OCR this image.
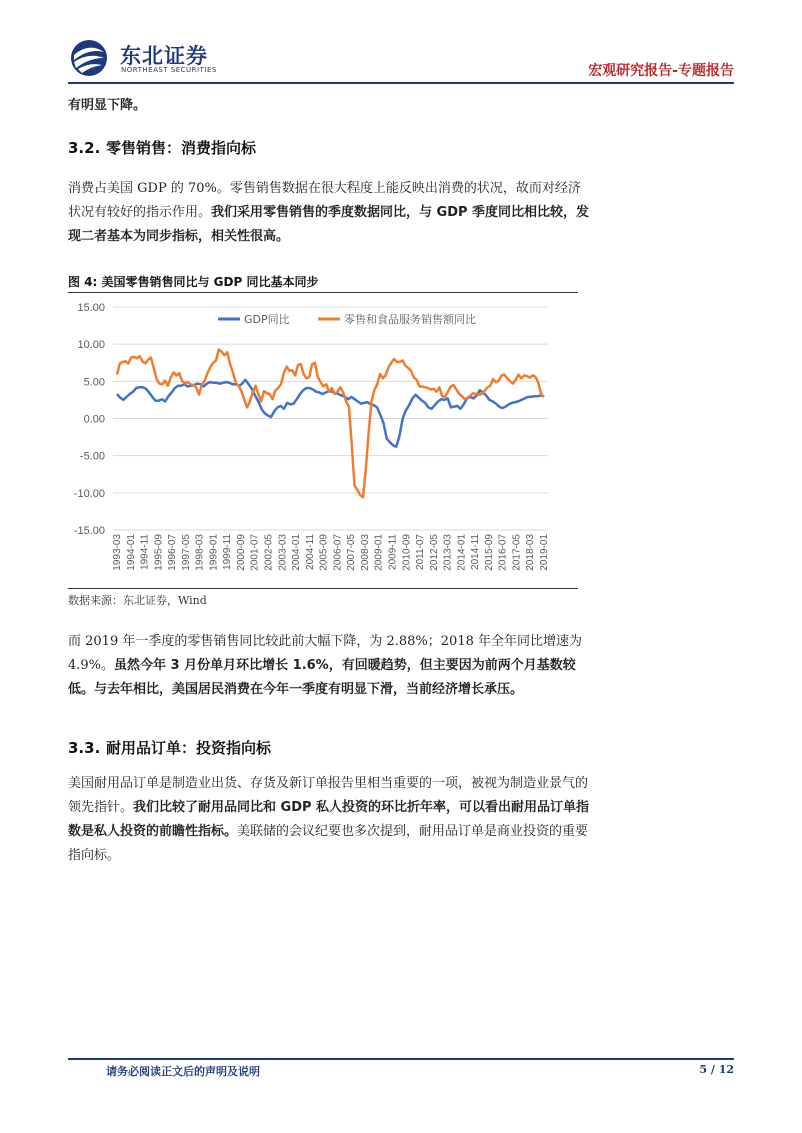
东北证券
NORTHEAST SECURITIES	宏观研究报告-专题报告
有明显下降。
3.2. 零售销售：消费指向标
消费占美国 GDP 的 70%。零售销售数据在很大程度上能反映出消费的状况，故而对经济状况有较好的指示作用。我们采用零售销售的季度数据同比，与 GDP 季度同比相比较，发现二者基本为同步指标，相关性很高。
图 4: 美国零售销售同比与 GDP 同比基本同步
15.00
10.00
5.00
0.00
-5.00
-10.00
-15.00
1993-03 1994-01 1994-11 1995-09 1996-07 1997-05 1998-03 1999-01 1999-11 2000-09 2001-07 2002-05 2003-03 2004-01 2004-11 2005-09 2006-07 2007-05 2008-03 2009-01 2009-11 2010-09 2011-07 2012-05 2013-03 2014-01 2014-11 2015-09 2016-07 2017-05 2018-03 2019-01
GDP同比	零售和食品服务销售额同比
数据来源：东北证券，Wind
而 2019 年一季度的零售销售同比较此前大幅下降，为 2.88%；2018 年全年同比增速为 4.9%。虽然今年 3 月份单月环比增长 1.6%，有回暖趋势，但主要因为前两个月基数较低。与去年相比，美国居民消费在今年一季度有明显下滑，当前经济增长承压。
3.3. 耐用品订单：投资指向标
美国耐用品订单是制造业出货、存货及新订单报告里相当重要的一项，被视为制造业景气的领先指针。我们比较了耐用品同比和 GDP 私人投资的环比折年率，可以看出耐用品订单指数是私人投资的前瞻性指标。美联储的会议纪要也多次提到，耐用品订单是商业投资的重要指向标。
请务必阅读正文后的声明及说明	5 / 12
